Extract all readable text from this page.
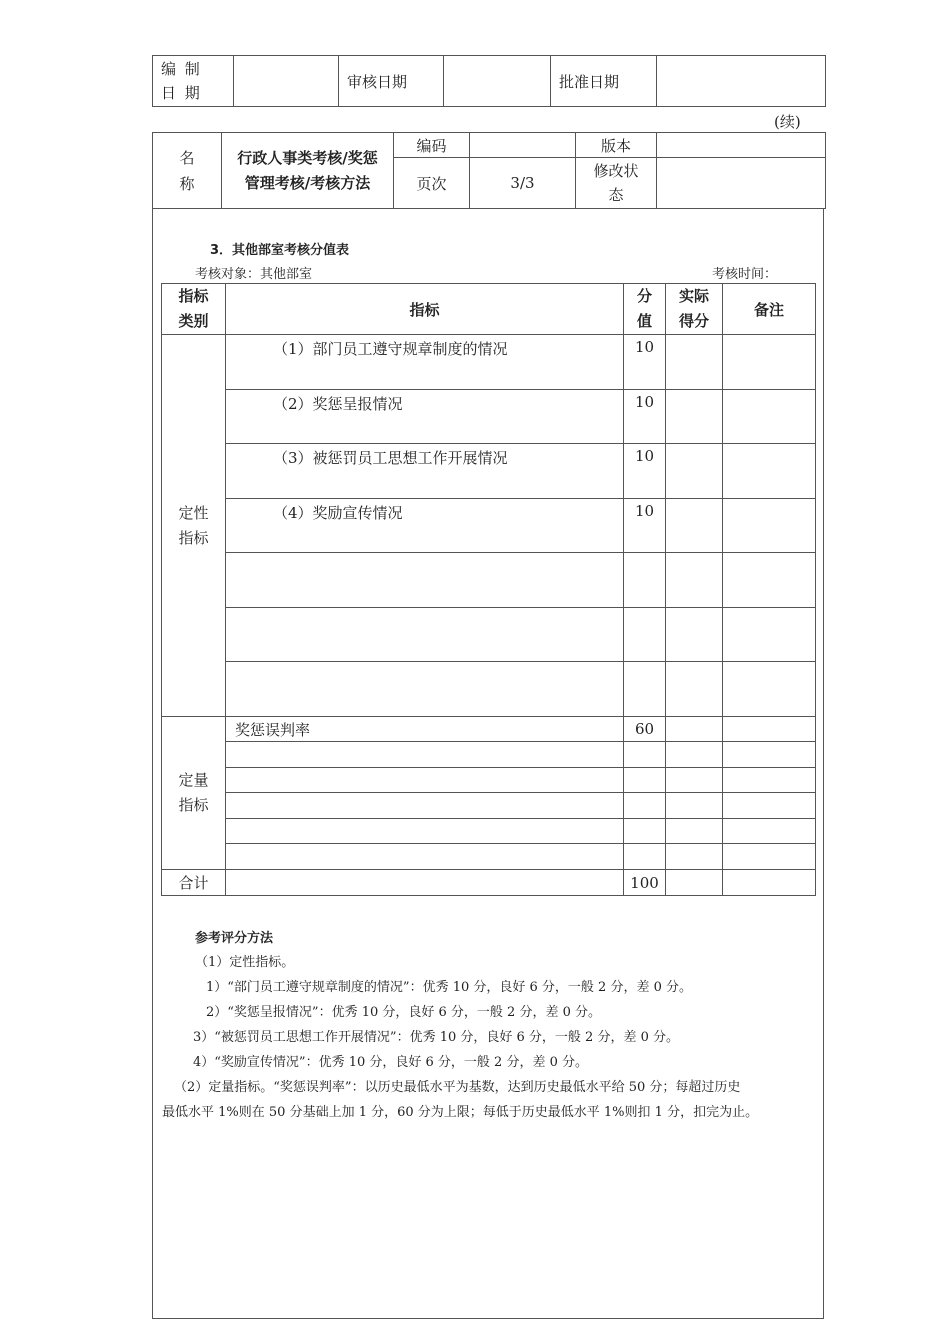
编 制 日 期		审核日期		批准日期	
(续)
名 称	行政人事类考核/奖惩管理考核/考核方法	编码		版本	
		页次	3/3	修改状态	
3．其他部室考核分值表
考核对象：其他部室	考核时间：
指标类别	指标	分值	实际得分	备注
定性指标	（1）部门员工遵守规章制度的情况	10		
	（2）奖惩呈报情况	10		
	（3）被惩罚员工思想工作开展情况	10		
	（4）奖励宣传情况	10		

定量指标	奖惩误判率	60		

合计		100		

参考评分方法

（1）定性指标。

1）“部门员工遵守规章制度的情况”：优秀 10 分，良好 6 分，一般 2 分，差 0 分。

2）“奖惩呈报情况”：优秀 10 分，良好 6 分，一般 2 分，差 0 分。

3）“被惩罚员工思想工作开展情况”：优秀 10 分，良好 6 分，一般 2 分，差 0 分。

4）“奖励宣传情况”：优秀 10 分，良好 6 分，一般 2 分，差 0 分。

（2）定量指标。“奖惩误判率”：以历史最低水平为基数，达到历史最低水平给 50 分；每超过历史

最低水平 1%则在 50 分基础上加 1 分，60 分为上限；每低于历史最低水平 1%则扣 1 分，扣完为止。
